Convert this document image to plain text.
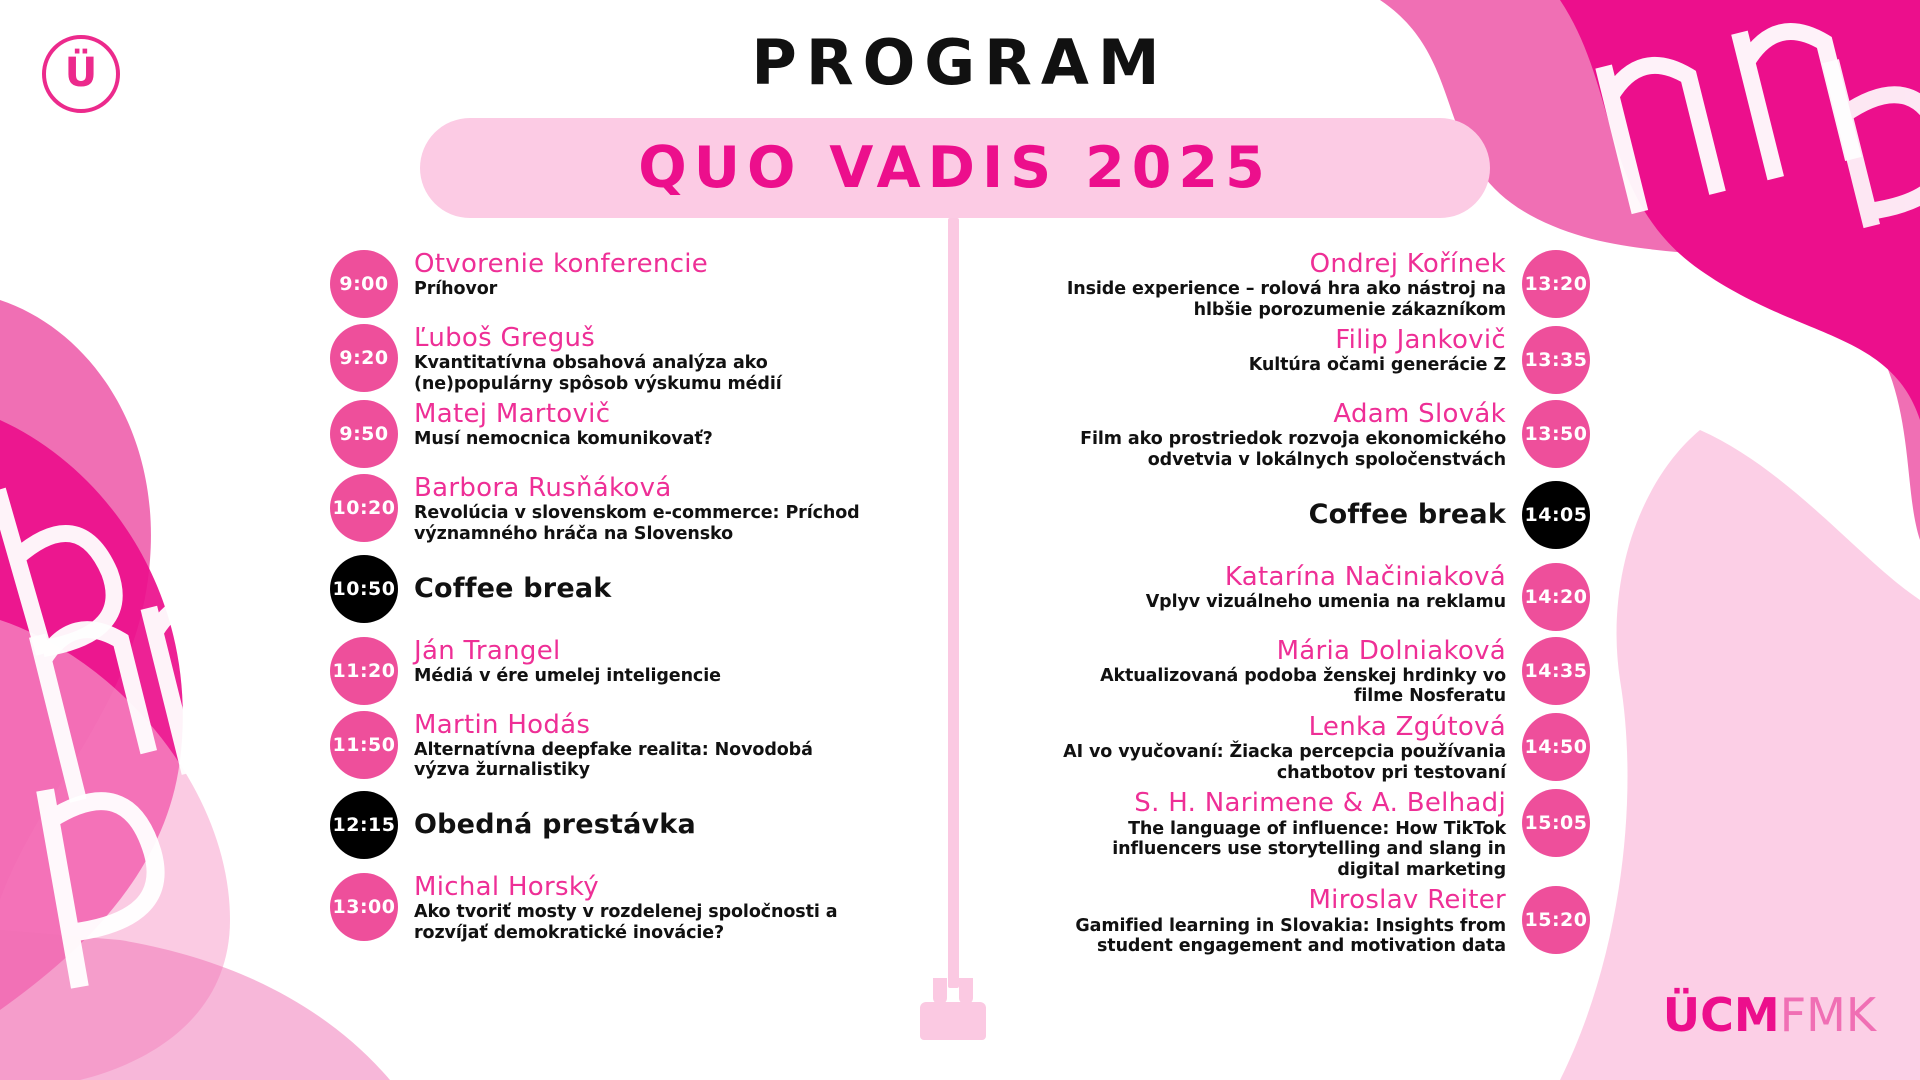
Ü	PROGRAM
QUO VADIS 2025
9:00
Otvorenie konferencie
Príhovor
9:20
Ľuboš Greguš
Kvantitatívna obsahová analýza ako (ne)populárny spôsob výskumu médií
9:50
Matej Martovič
Musí nemocnica komunikovať?
10:20
Barbora Rusňáková
Revolúcia v slovenskom e-commerce: Príchod významného hráča na Slovensko
10:50 Coffee break
11:20
Ján Trangel
Médiá v ére umelej inteligencie
11:50
Martin Hodás
Alternatívna deepfake realita: Novodobá výzva žurnalistiky
12:15 Obedná prestávka
13:00
Michal Horský
Ako tvoriť mosty v rozdelenej spoločnosti a rozvíjať demokratické inovácie?
13:20
Ondrej Kořínek
Inside experience – rolová hra ako nástroj na hlbšie porozumenie zákazníkom
13:35
Filip Jankovič
Kultúra očami generácie Z
13:50
Adam Slovák
Film ako prostriedok rozvoja ekonomického odvetvia v lokálnych spoločenstvách
14:05
Coffee break
14:20
Katarína Načiniaková
Vplyv vizuálneho umenia na reklamu
14:35
Mária Dolniaková
Aktualizovaná podoba ženskej hrdinky vo filme Nosferatu
14:50
Lenka Zgútová
AI vo vyučovaní: Žiacka percepcia používania chatbotov pri testovaní
15:05
S. H. Narimene & A. Belhadj
The language of influence: How TikTok influencers use storytelling and slang in digital marketing
15:20
Miroslav Reiter
Gamified learning in Slovakia: Insights from student engagement and motivation data
ÜCM FMK
